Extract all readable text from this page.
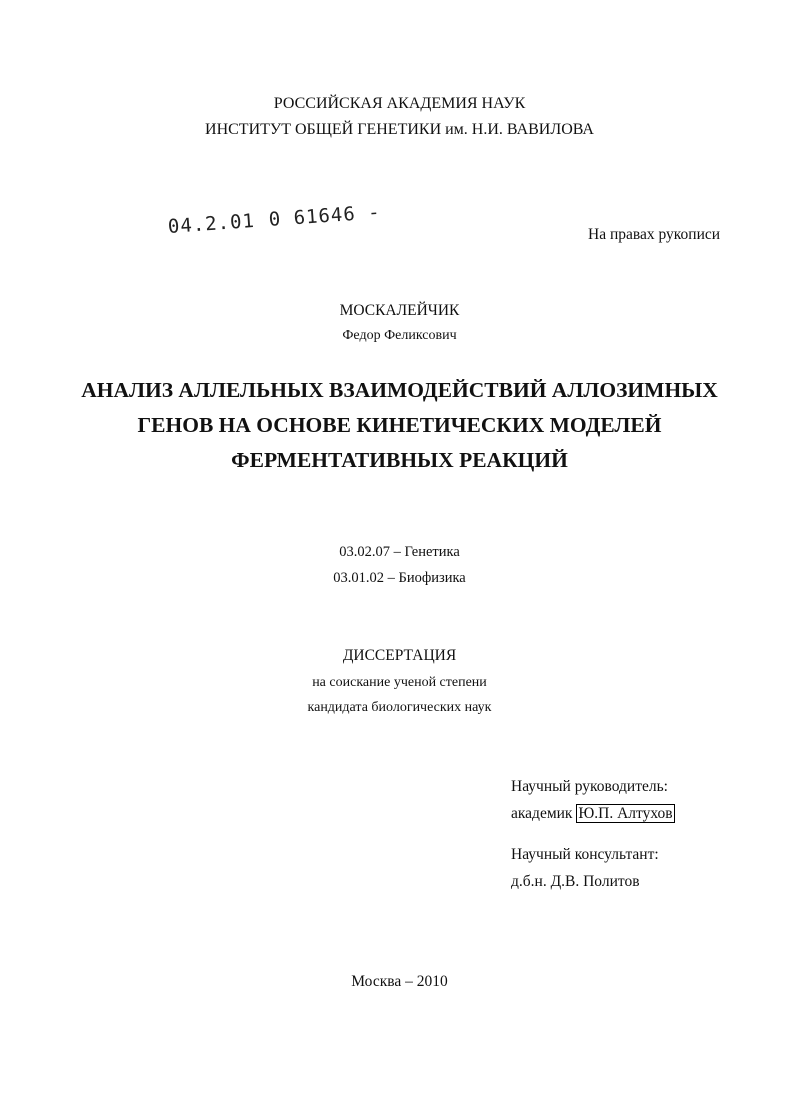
РОССИЙСКАЯ АКАДЕМИЯ НАУК
ИНСТИТУТ ОБЩЕЙ ГЕНЕТИКИ им. Н.И. ВАВИЛОВА
04.2.01 0 61646 -
На правах рукописи
МОСКАЛЕЙЧИК
Федор Феликсович
АНАЛИЗ АЛЛЕЛЬНЫХ ВЗАИМОДЕЙСТВИЙ АЛЛОЗИМНЫХ
ГЕНОВ НА ОСНОВЕ КИНЕТИЧЕСКИХ МОДЕЛЕЙ
ФЕРМЕНТАТИВНЫХ РЕАКЦИЙ
03.02.07 – Генетика
03.01.02 – Биофизика
ДИССЕРТАЦИЯ
на соискание ученой степени
кандидата биологических наук
Научный руководитель:
академик Ю.П. Алтухов
Научный консультант:
д.б.н. Д.В. Политов
Москва – 2010
